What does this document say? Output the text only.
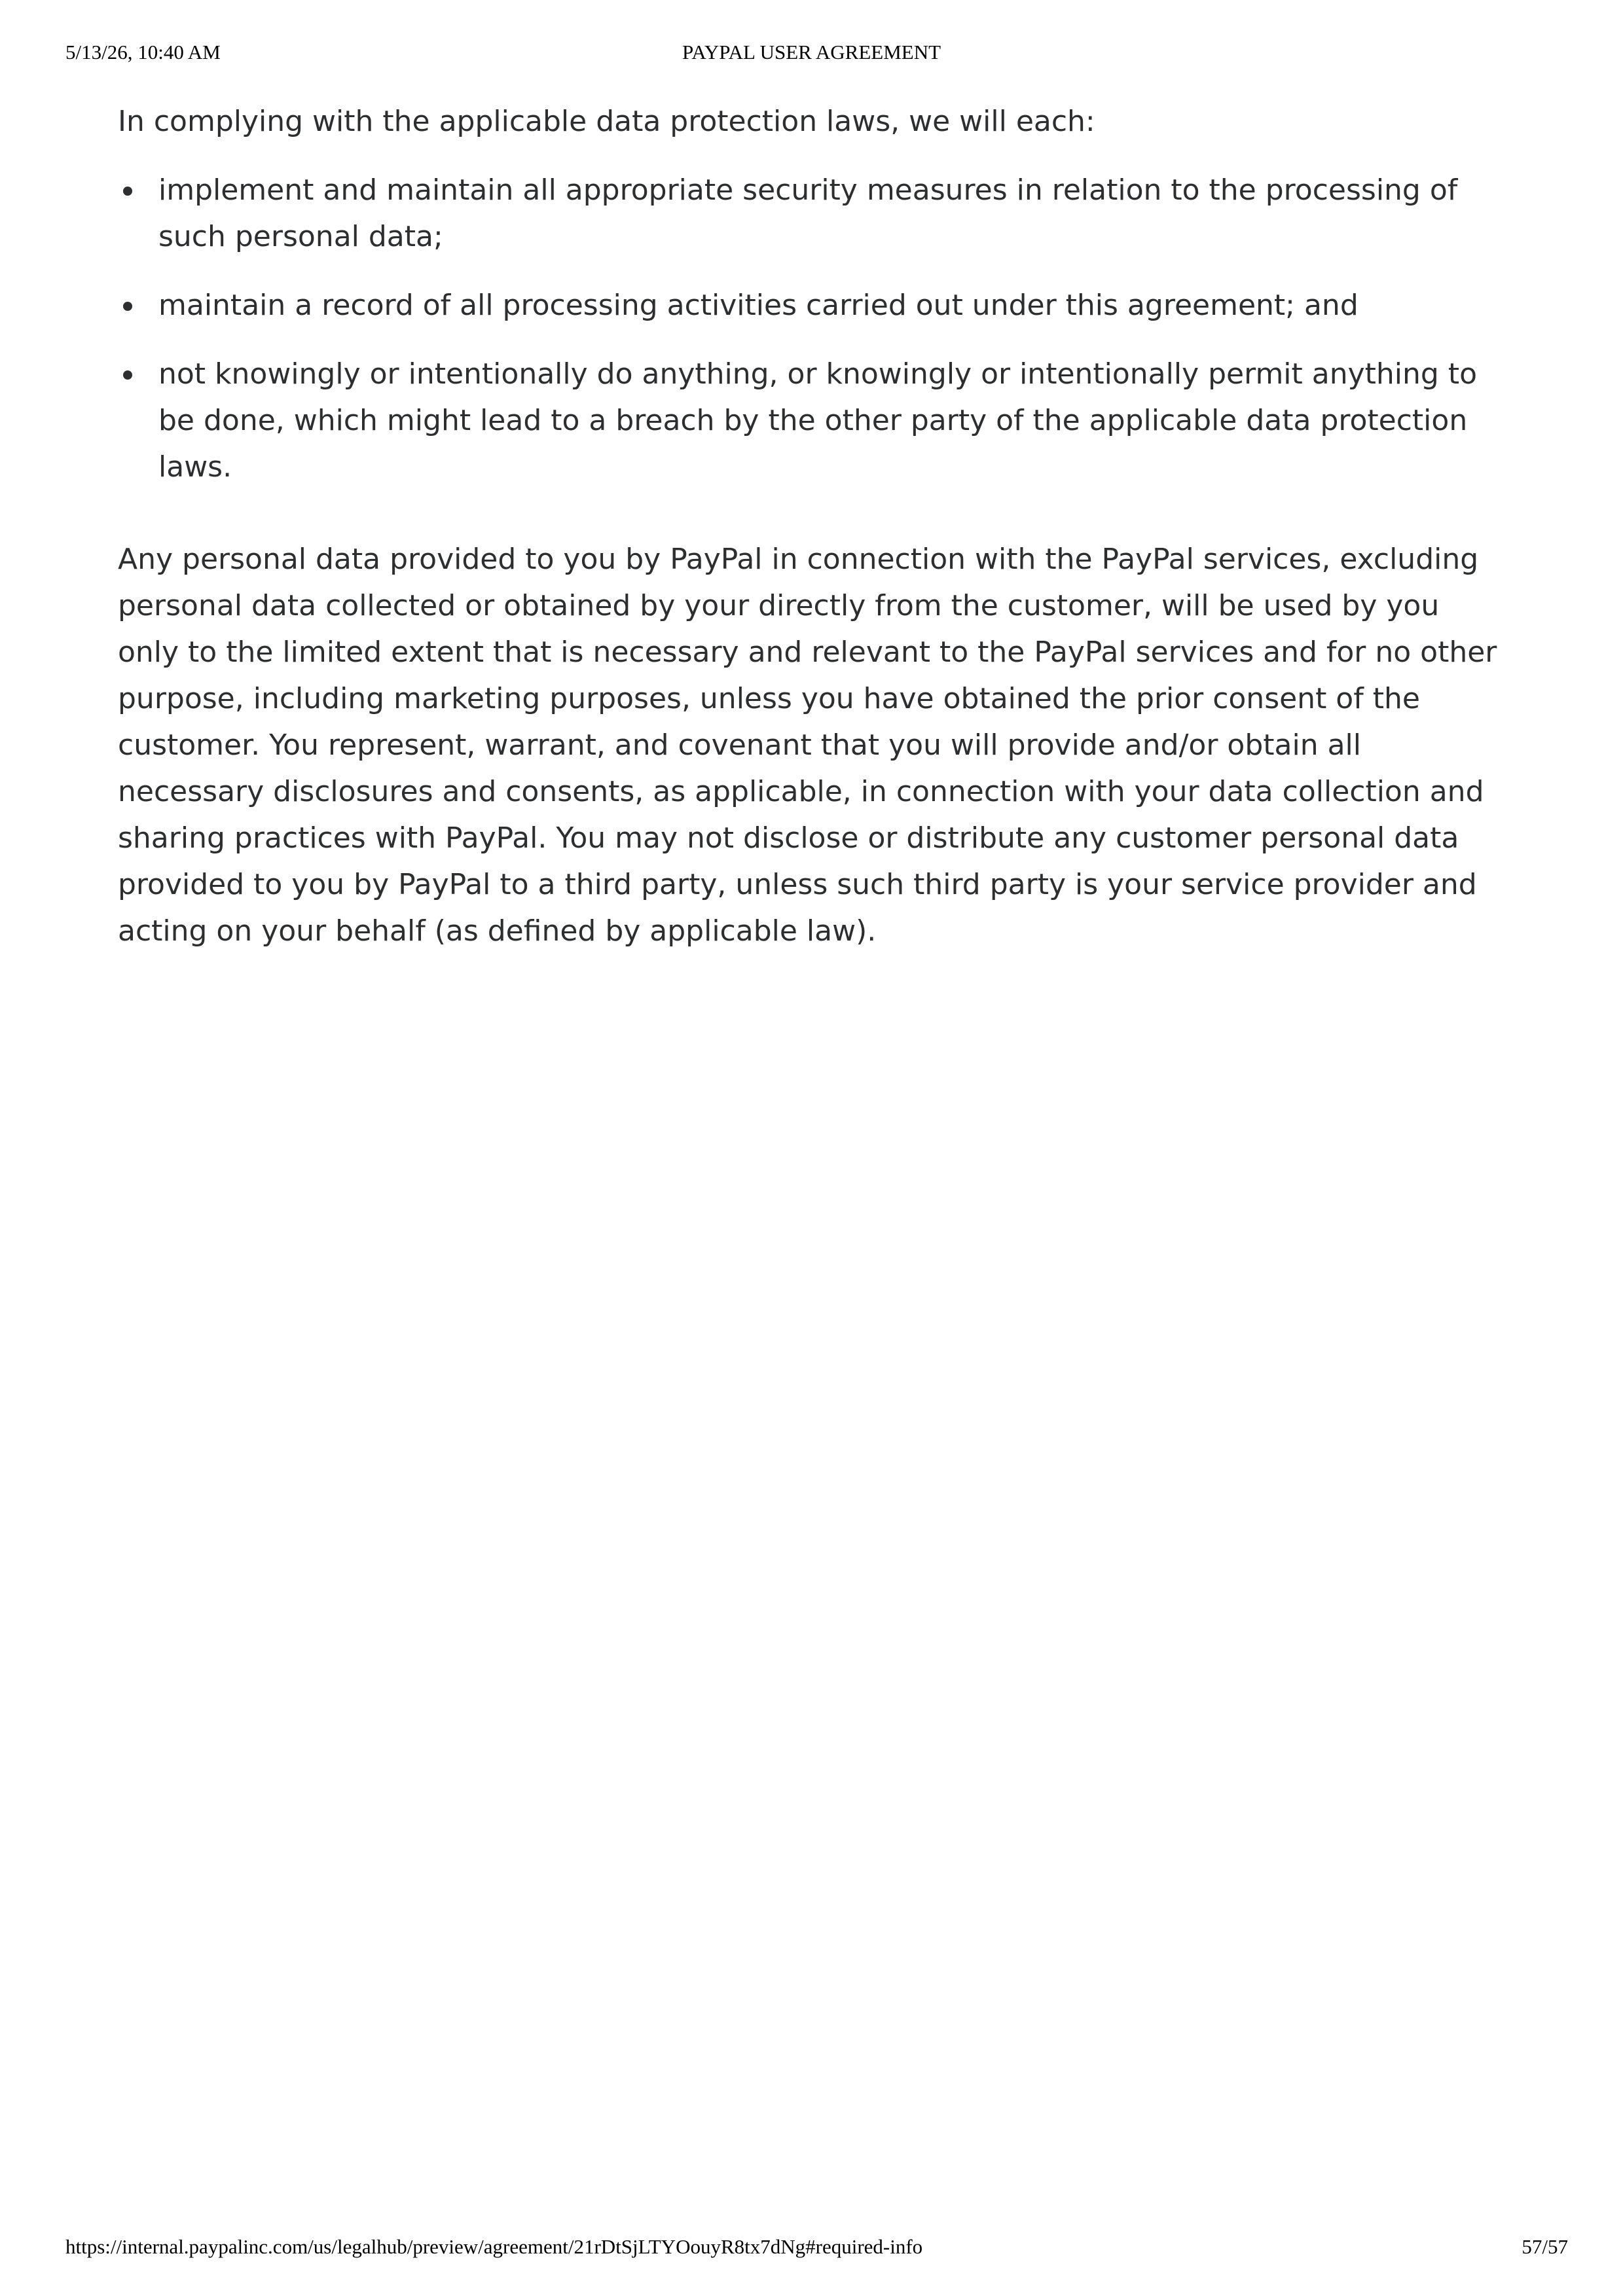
5/13/26, 10:40 AM	PAYPAL USER AGREEMENT

In complying with the applicable data protection laws, we will each:

implement and maintain all appropriate security measures in relation to the processing of such personal data;
maintain a record of all processing activities carried out under this agreement; and
not knowingly or intentionally do anything, or knowingly or intentionally permit anything to be done, which might lead to a breach by the other party of the applicable data protection laws.

Any personal data provided to you by PayPal in connection with the PayPal services, excluding personal data collected or obtained by your directly from the customer, will be used by you only to the limited extent that is necessary and relevant to the PayPal services and for no other purpose, including marketing purposes, unless you have obtained the prior consent of the customer. You represent, warrant, and covenant that you will provide and/or obtain all necessary disclosures and consents, as applicable, in connection with your data collection and sharing practices with PayPal. You may not disclose or distribute any customer personal data provided to you by PayPal to a third party, unless such third party is your service provider and acting on your behalf (as defined by applicable law).

https://internal.paypalinc.com/us/legalhub/preview/agreement/21rDtSjLTYOouyR8tx7dNg#required-info	57/57
